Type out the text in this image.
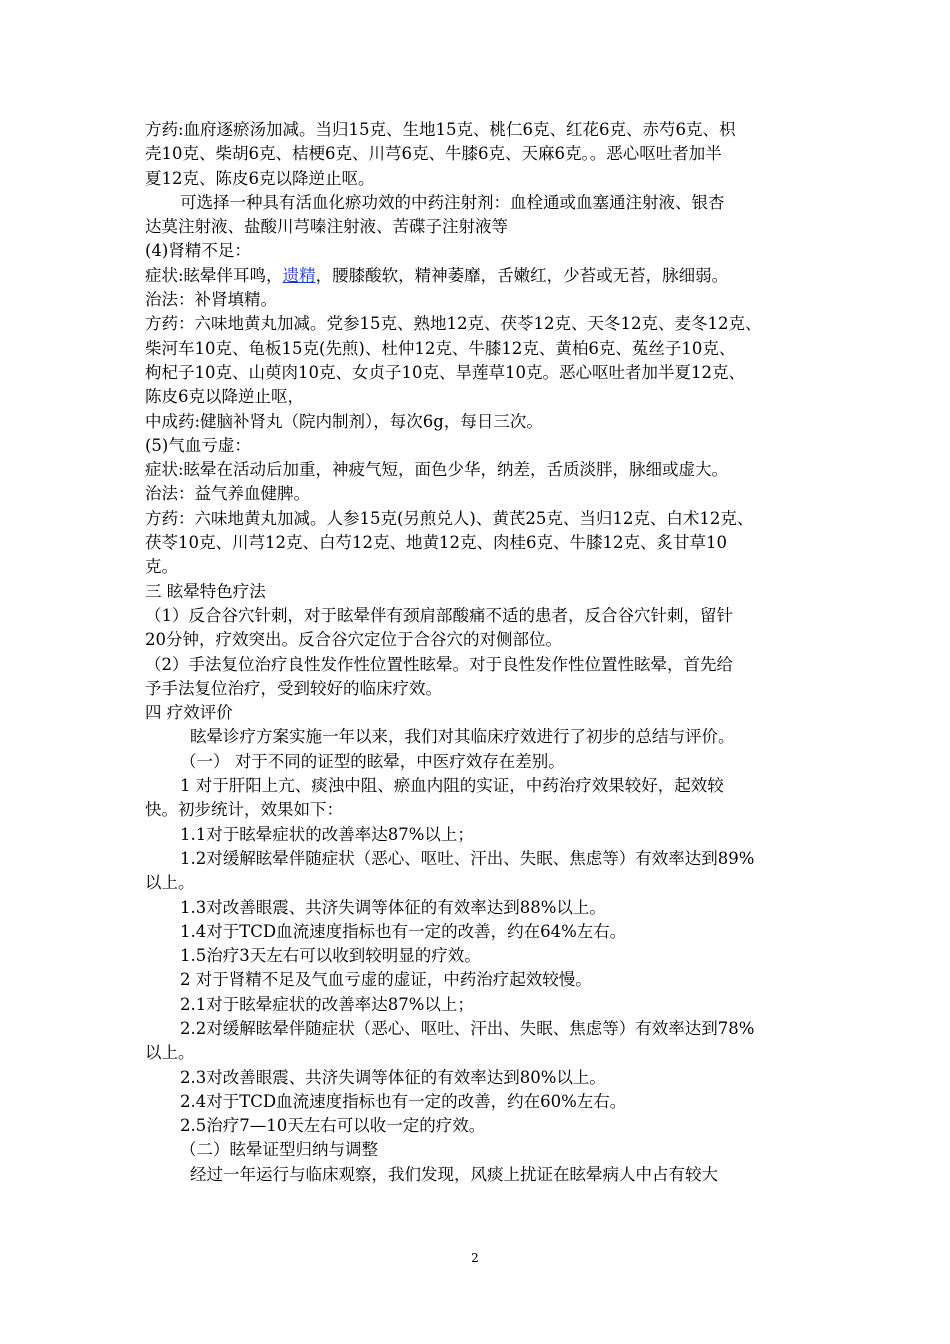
方药:血府逐瘀汤加减。当归15克、生地15克、桃仁6克、红花6克、赤芍6克、枳
壳10克、柴胡6克、桔梗6克、川芎6克、牛膝6克、天麻6克。。恶心呕吐者加半
夏12克、陈皮6克以降逆止呕。
可选择一种具有活血化瘀功效的中药注射剂：血栓通或血塞通注射液、银杏
达莫注射液、盐酸川芎嗪注射液、苦碟子注射液等
(4)肾精不足：
症状:眩晕伴耳鸣，遗精，腰膝酸软，精神萎靡，舌嫩红，少苔或无苔，脉细弱。
治法：补肾填精。
方药：六味地黄丸加减。党参15克、熟地12克、茯苓12克、天冬12克、麦冬12克、
柴河车10克、龟板15克(先煎)、杜仲12克、牛膝12克、黄柏6克、菟丝子10克、
枸杞子10克、山萸肉10克、女贞子10克、旱莲草10克。恶心呕吐者加半夏12克、
陈皮6克以降逆止呕，
中成药:健脑补肾丸（院内制剂），每次6g，每日三次。
(5)气血亏虚：
症状:眩晕在活动后加重，神疲气短，面色少华，纳差，舌质淡胖，脉细或虚大。
治法：益气养血健脾。
方药：六味地黄丸加减。人参15克(另煎兑人)、黄芪25克、当归12克、白术12克、
茯苓10克、川芎12克、白芍12克、地黄12克、肉桂6克、牛膝12克、炙甘草10
克。
三 眩晕特色疗法
（1）反合谷穴针刺，对于眩晕伴有颈肩部酸痛不适的患者，反合谷穴针刺，留针
20分钟，疗效突出。反合谷穴定位于合谷穴的对侧部位。
（2）手法复位治疗良性发作性位置性眩晕。对于良性发作性位置性眩晕，首先给
予手法复位治疗，受到较好的临床疗效。
四 疗效评价
眩晕诊疗方案实施一年以来，我们对其临床疗效进行了初步的总结与评价。
（一） 对于不同的证型的眩晕，中医疗效存在差别。
1 对于肝阳上亢、痰浊中阻、瘀血内阻的实证，中药治疗效果较好，起效较
快。初步统计，效果如下：
1.1对于眩晕症状的改善率达87%以上；
1.2对缓解眩晕伴随症状（恶心、呕吐、汗出、失眠、焦虑等）有效率达到89%
以上。
1.3对改善眼震、共济失调等体征的有效率达到88%以上。
1.4对于TCD血流速度指标也有一定的改善，约在64%左右。
1.5治疗3天左右可以收到较明显的疗效。
2 对于肾精不足及气血亏虚的虚证，中药治疗起效较慢。
2.1对于眩晕症状的改善率达87%以上；
2.2对缓解眩晕伴随症状（恶心、呕吐、汗出、失眠、焦虑等）有效率达到78%
以上。
2.3对改善眼震、共济失调等体征的有效率达到80%以上。
2.4对于TCD血流速度指标也有一定的改善，约在60%左右。
2.5治疗7—10天左右可以收一定的疗效。
（二）眩晕证型归纳与调整
经过一年运行与临床观察，我们发现，风痰上扰证在眩晕病人中占有较大
2
